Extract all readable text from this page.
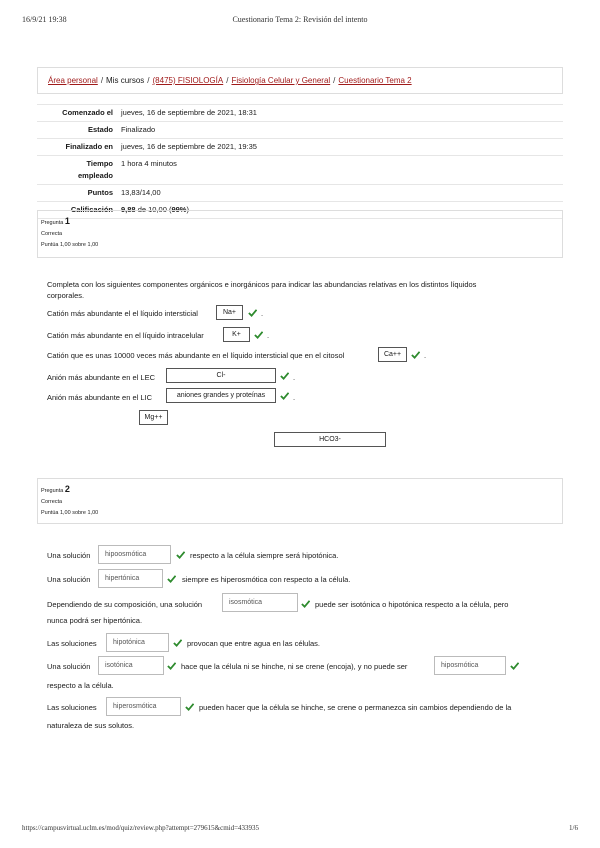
16/9/21 19:38	Cuestionario Tema 2: Revisión del intento
Área personal / Mis cursos / (8475) FISIOLOGÍA / Fisiología Celular y General / Cuestionario Tema 2
Comenzado el	jueves, 16 de septiembre de 2021, 18:31
Estado	Finalizado
Finalizado en	jueves, 16 de septiembre de 2021, 19:35
Tiempo
empleado
1 hora 4 minutos
Puntos	13,83/14,00
Calificación	9,88 de 10,00 (99%)
Pregunta 1
Correcta
Puntúa 1,00 sobre 1,00
Completa con los siguientes componentes orgánicos e inorgánicos para indicar las abundancias relativas en los distintos líquidos
corporales.
Catión más abundante el el líquido intersticial	Na+	.
Catión más abundante en el líquido intracelular	K+	.
Catión que es unas 10000 veces más abundante en el líquido intersticial que en el citosol	Ca++	.
Anión más abundante en el LEC	Cl-	.
Anión más abundante en el LIC	aniones grandes y proteínas	.
Mg++
HCO3-
Pregunta 2
Correcta
Puntúa 1,00 sobre 1,00
Una solución	hipoosmótica	respecto a la célula siempre será hipotónica.
Una solución	hipertónica	siempre es hiperosmótica con respecto a la célula.
Dependiendo de su composición, una solución	isosmótica	puede ser isotónica o hipotónica respecto a la célula, pero
nunca podrá ser hipertónica.
Las soluciones	hipotónica	provocan que entre agua en las células.
Una solución	isotónica	hace que la célula ni se hinche, ni se crene (encoja), y no puede ser	hiposmótica
respecto a la célula.
Las soluciones	hiperosmótica	pueden hacer que la célula se hinche, se crene o permanezca sin cambios dependiendo de la
naturaleza de sus solutos.
https://campusvirtual.uclm.es/mod/quiz/review.php?attempt=279615&cmid=433935	1/6
